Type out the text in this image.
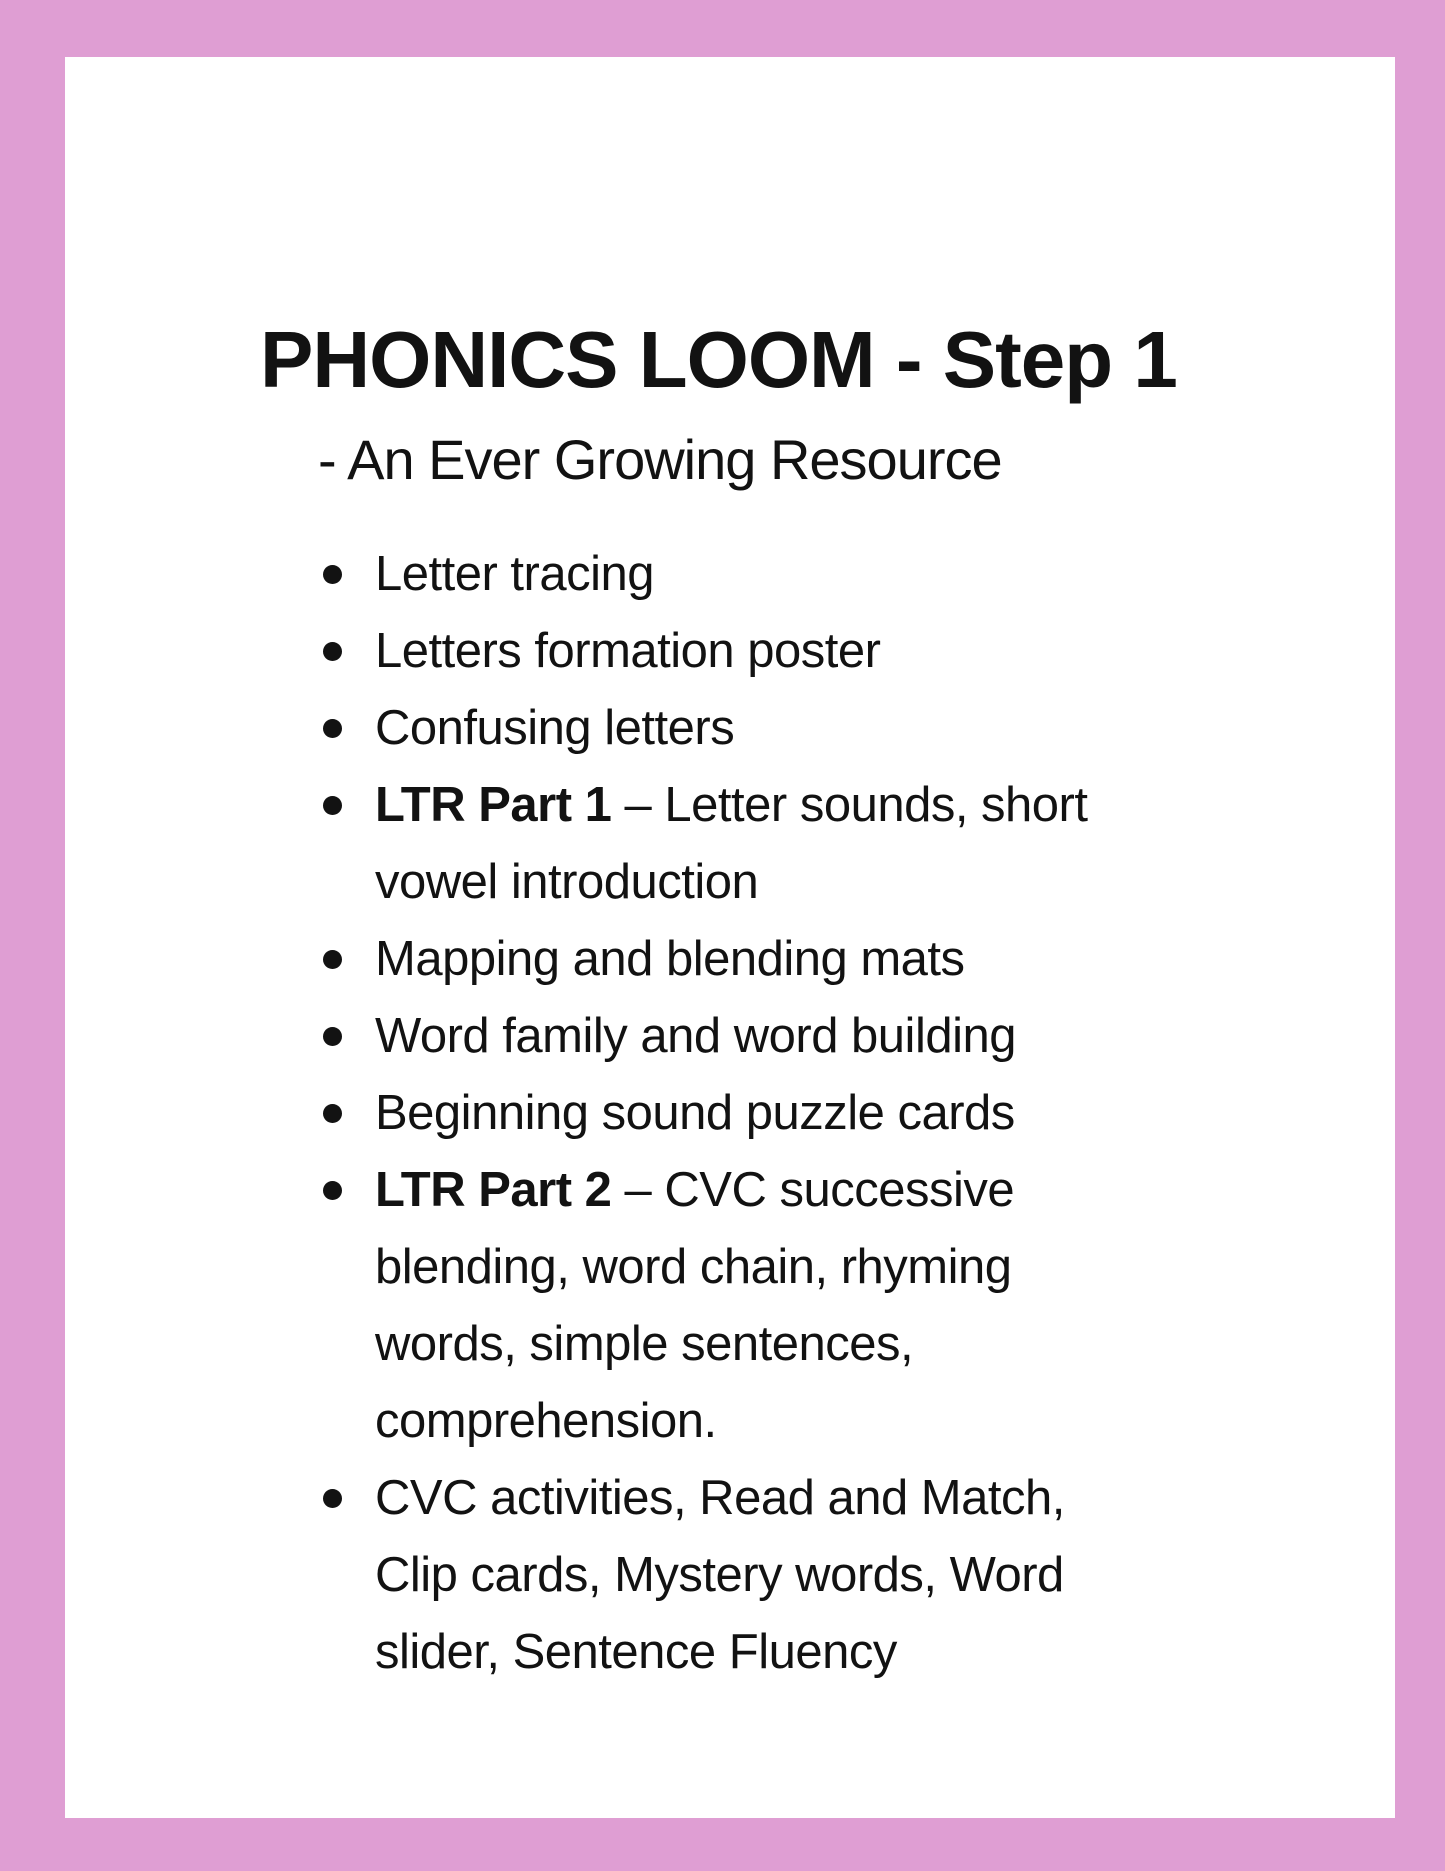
PHONICS LOOM - Step 1
- An Ever Growing Resource
Letter tracing
Letters formation poster
Confusing letters
LTR Part 1 – Letter sounds, short vowel introduction
Mapping and blending mats
Word family and word building
Beginning sound puzzle cards
LTR Part 2 – CVC successive blending, word chain, rhyming words, simple sentences, comprehension.
CVC activities, Read and Match, Clip cards, Mystery words, Word slider, Sentence Fluency
